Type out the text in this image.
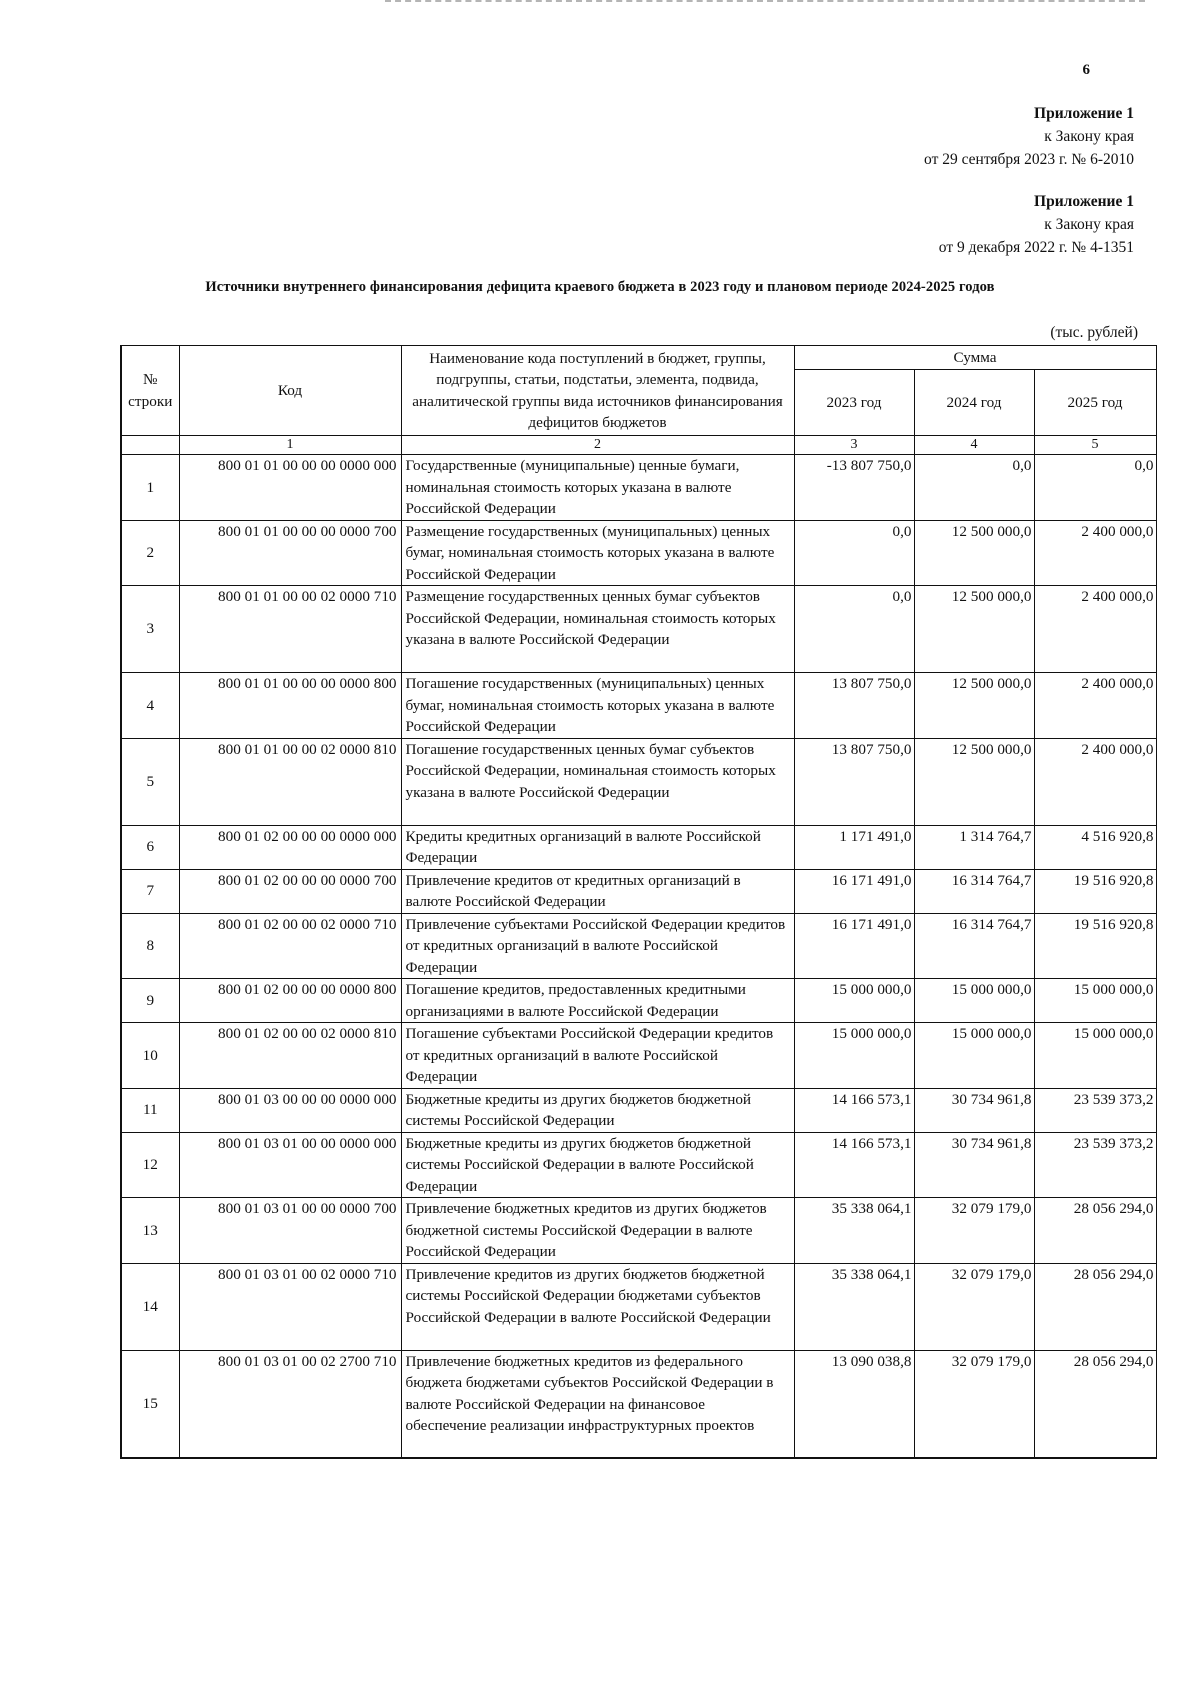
6
Приложение 1
к Закону края
от 29 сентября 2023 г. № 6-2010
Приложение 1
к Закону края
от 9 декабря 2022 г. № 4-1351
Источники внутреннего финансирования дефицита краевого бюджета в 2023 году и плановом периоде 2024-2025 годов
(тыс. рублей)
№ строки	Код	Наименование кода поступлений в бюджет, группы, подгруппы, статьи, подстатьи, элемента, подвида, аналитической группы вида источников финансирования дефицитов бюджетов	Сумма		
			2023 год	2024 год	2025 год
	1	2	3	4	5
1	800 01 01 00 00 00 0000 000	Государственные (муниципальные) ценные бумаги, номинальная стоимость которых указана в валюте Российской Федерации	-13 807 750,0	0,0	0,0
2	800 01 01 00 00 00 0000 700	Размещение государственных (муниципальных) ценных бумаг, номинальная стоимость которых указана в валюте Российской Федерации	0,0	12 500 000,0	2 400 000,0
3	800 01 01 00 00 02 0000 710	Размещение государственных ценных бумаг субъектов Российской Федерации, номинальная стоимость которых указана в валюте Российской Федерации	0,0	12 500 000,0	2 400 000,0
4	800 01 01 00 00 00 0000 800	Погашение государственных (муниципальных) ценных бумаг, номинальная стоимость которых указана в валюте Российской Федерации	13 807 750,0	12 500 000,0	2 400 000,0
5	800 01 01 00 00 02 0000 810	Погашение государственных ценных бумаг субъектов Российской Федерации, номинальная стоимость которых указана в валюте Российской Федерации	13 807 750,0	12 500 000,0	2 400 000,0
6	800 01 02 00 00 00 0000 000	Кредиты кредитных организаций в валюте Российской Федерации	1 171 491,0	1 314 764,7	4 516 920,8
7	800 01 02 00 00 00 0000 700	Привлечение кредитов от кредитных организаций в валюте Российской Федерации	16 171 491,0	16 314 764,7	19 516 920,8
8	800 01 02 00 00 02 0000 710	Привлечение субъектами Российской Федерации кредитов от кредитных организаций в валюте Российской Федерации	16 171 491,0	16 314 764,7	19 516 920,8
9	800 01 02 00 00 00 0000 800	Погашение кредитов, предоставленных кредитными организациями в валюте Российской Федерации	15 000 000,0	15 000 000,0	15 000 000,0
10	800 01 02 00 00 02 0000 810	Погашение субъектами Российской Федерации кредитов от кредитных организаций в валюте Российской Федерации	15 000 000,0	15 000 000,0	15 000 000,0
11	800 01 03 00 00 00 0000 000	Бюджетные кредиты из других бюджетов бюджетной системы Российской Федерации	14 166 573,1	30 734 961,8	23 539 373,2
12	800 01 03 01 00 00 0000 000	Бюджетные кредиты из других бюджетов бюджетной системы Российской Федерации в валюте Российской Федерации	14 166 573,1	30 734 961,8	23 539 373,2
13	800 01 03 01 00 00 0000 700	Привлечение бюджетных кредитов из других бюджетов бюджетной системы Российской Федерации в валюте Российской Федерации	35 338 064,1	32 079 179,0	28 056 294,0
14	800 01 03 01 00 02 0000 710	Привлечение кредитов из других бюджетов бюджетной системы Российской Федерации бюджетами субъектов Российской Федерации в валюте Российской Федерации	35 338 064,1	32 079 179,0	28 056 294,0
15	800 01 03 01 00 02 2700 710	Привлечение бюджетных кредитов из федерального бюджета бюджетами субъектов Российской Федерации в валюте Российской Федерации на финансовое обеспечение реализации инфраструктурных проектов	13 090 038,8	32 079 179,0	28 056 294,0
